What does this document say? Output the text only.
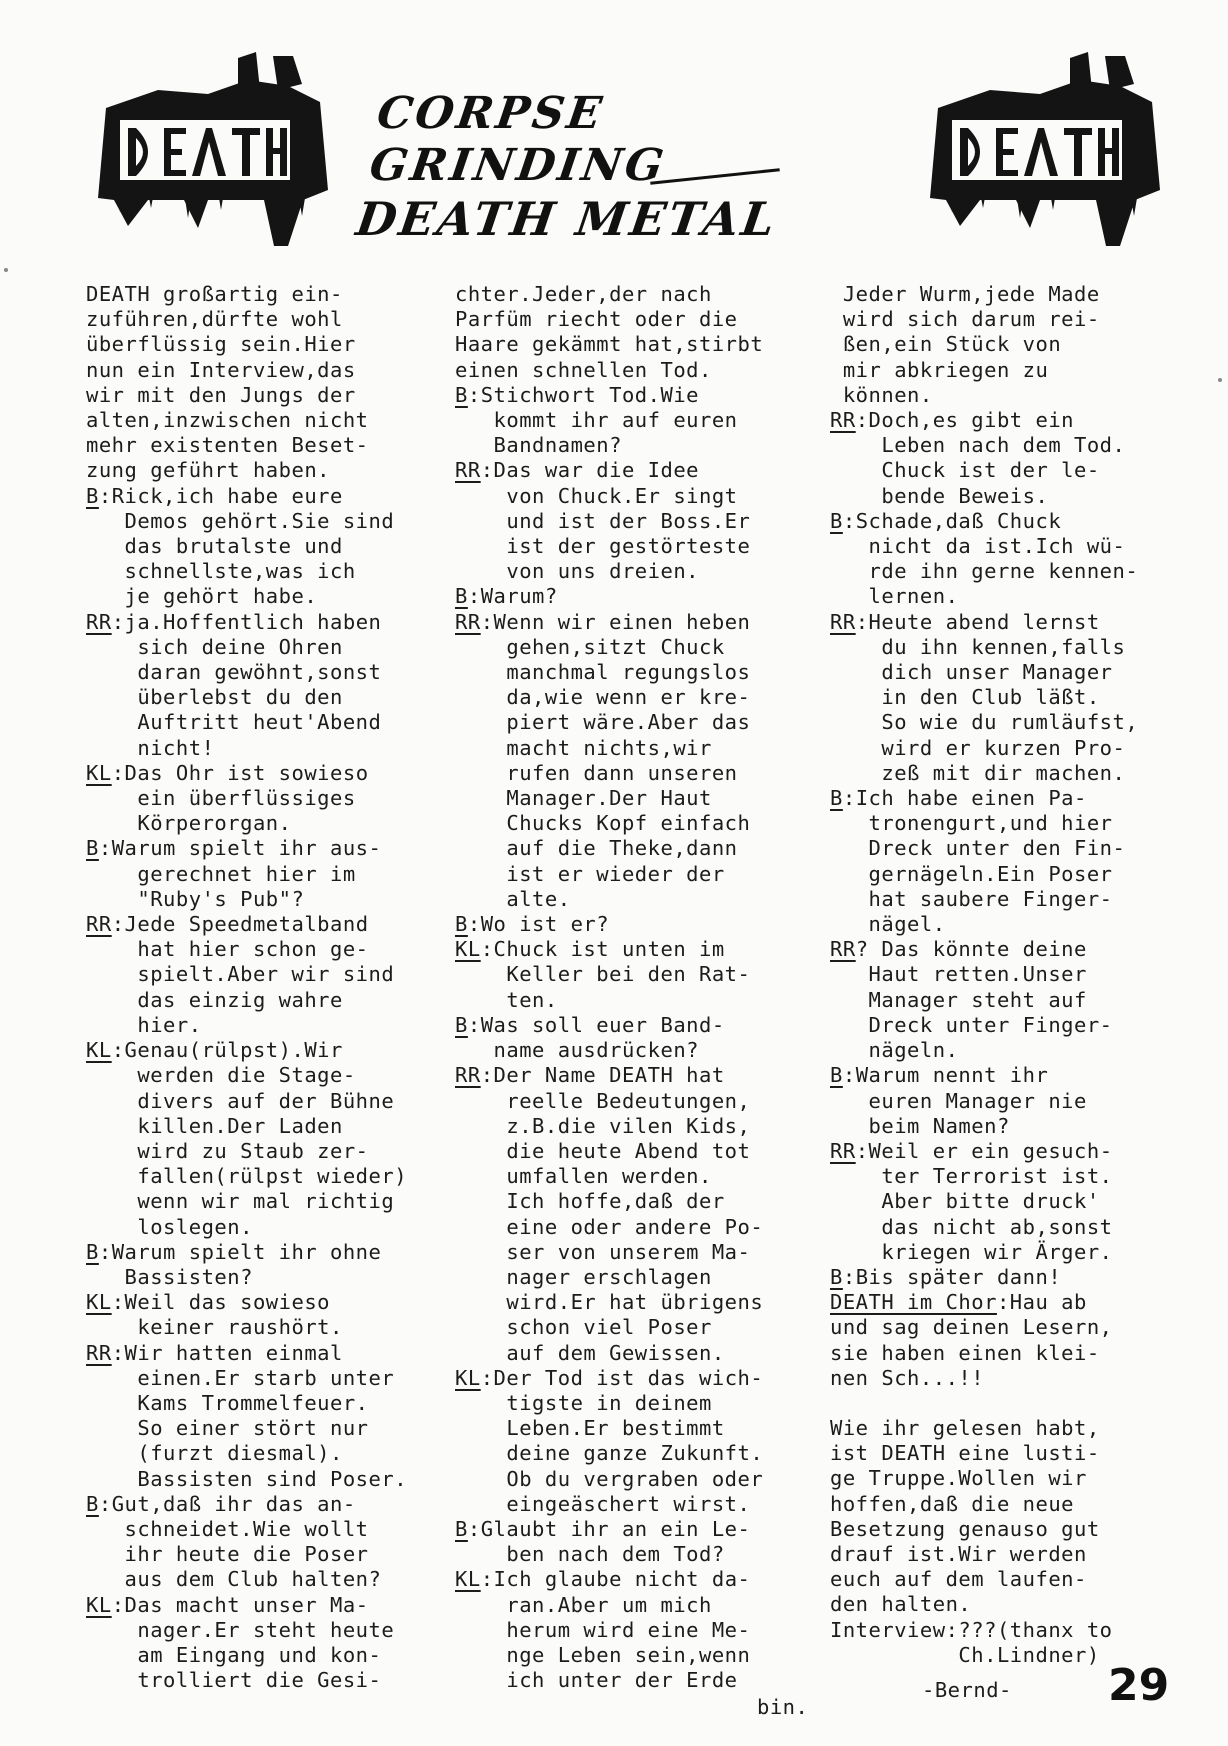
CORPSE GRINDING
DEATH METAL
DEATH großartig ein-
zuführen,dürfte wohl
überflüssig sein.Hier
nun ein Interview,das
wir mit den Jungs der
alten,inzwischen nicht
mehr existenten Beset-
zung geführt haben.
B:Rick,ich habe eure
Demos gehört.Sie sind
das brutalste und
schnellste,was ich
je gehört habe.
RR:ja.Hoffentlich haben
sich deine Ohren
daran gewöhnt,sonst
überlebst du den
Auftritt heut'Abend
nicht!
KL:Das Ohr ist sowieso
ein überflüssiges
Körperorgan.
B:Warum spielt ihr aus-
gerechnet hier im
"Ruby's Pub"?
RR:Jede Speedmetalband
hat hier schon ge-
spielt.Aber wir sind
das einzig wahre
hier.
KL:Genau(rülpst).Wir
werden die Stage-
divers auf der Bühne
killen.Der Laden
wird zu Staub zer-
fallen(rülpst wieder)
wenn wir mal richtig
loslegen.
B:Warum spielt ihr ohne
Bassisten?
KL:Weil das sowieso
keiner raushört.
RR:Wir hatten einmal
einen.Er starb unter
Kams Trommelfeuer.
So einer stört nur
(furzt diesmal).
Bassisten sind Poser.
B:Gut,daß ihr das an-
schneidet.Wie wollt
ihr heute die Poser
aus dem Club halten?
KL:Das macht unser Ma-
nager.Er steht heute
am Eingang und kon-
trolliert die Gesi-
chter.Jeder,der nach
Parfüm riecht oder die
Haare gekämmt hat,stirbt
einen schnellen Tod.
B:Stichwort Tod.Wie
kommt ihr auf euren
Bandnamen?
RR:Das war die Idee
von Chuck.Er singt
und ist der Boss.Er
ist der gestörteste
von uns dreien.
B:Warum?
RR:Wenn wir einen heben
gehen,sitzt Chuck
manchmal regungslos
da,wie wenn er kre-
piert wäre.Aber das
macht nichts,wir
rufen dann unseren
Manager.Der Haut
Chucks Kopf einfach
auf die Theke,dann
ist er wieder der
alte.
B:Wo ist er?
KL:Chuck ist unten im
Keller bei den Rat-
ten.
B:Was soll euer Band-
name ausdrücken?
RR:Der Name DEATH hat
reelle Bedeutungen,
z.B.die vilen Kids,
die heute Abend tot
umfallen werden.
Ich hoffe,daß der
eine oder andere Po-
ser von unserem Ma-
nager erschlagen
wird.Er hat übrigens
schon viel Poser
auf dem Gewissen.
KL:Der Tod ist das wich-
tigste in deinem
Leben.Er bestimmt
deine ganze Zukunft.
Ob du vergraben oder
eingeäschert wirst.
B:Glaubt ihr an ein Le-
ben nach dem Tod?
KL:Ich glaube nicht da-
ran.Aber um mich
herum wird eine Me-
nge Leben sein,wenn
ich unter der Erde
bin.
Jeder Wurm,jede Made
wird sich darum rei-
ßen,ein Stück von
mir abkriegen zu
können.
RR:Doch,es gibt ein
Leben nach dem Tod.
Chuck ist der le-
bende Beweis.
B:Schade,daß Chuck
nicht da ist.Ich wü-
rde ihn gerne kennen-
lernen.
RR:Heute abend lernst
du ihn kennen,falls
dich unser Manager
in den Club läßt.
So wie du rumläufst,
wird er kurzen Pro-
zeß mit dir machen.
B:Ich habe einen Pa-
tronengurt,und hier
Dreck unter den Fin-
gernägeln.Ein Poser
hat saubere Finger-
nägel.
RR? Das könnte deine
Haut retten.Unser
Manager steht auf
Dreck unter Finger-
nägeln.
B:Warum nennt ihr
euren Manager nie
beim Namen?
RR:Weil er ein gesuch-
ter Terrorist ist.
Aber bitte druck'
das nicht ab,sonst
kriegen wir Ärger.
B:Bis später dann!
DEATH im Chor:Hau ab
und sag deinen Lesern,
sie haben einen klei-
nen Sch...!!
Wie ihr gelesen habt,
ist DEATH eine lusti-
ge Truppe.Wollen wir
hoffen,daß die neue
Besetzung genauso gut
drauf ist.Wir werden
euch auf dem laufen-
den halten.
Interview:???(thanx to
Ch.Lindner)
-Bernd- 29
